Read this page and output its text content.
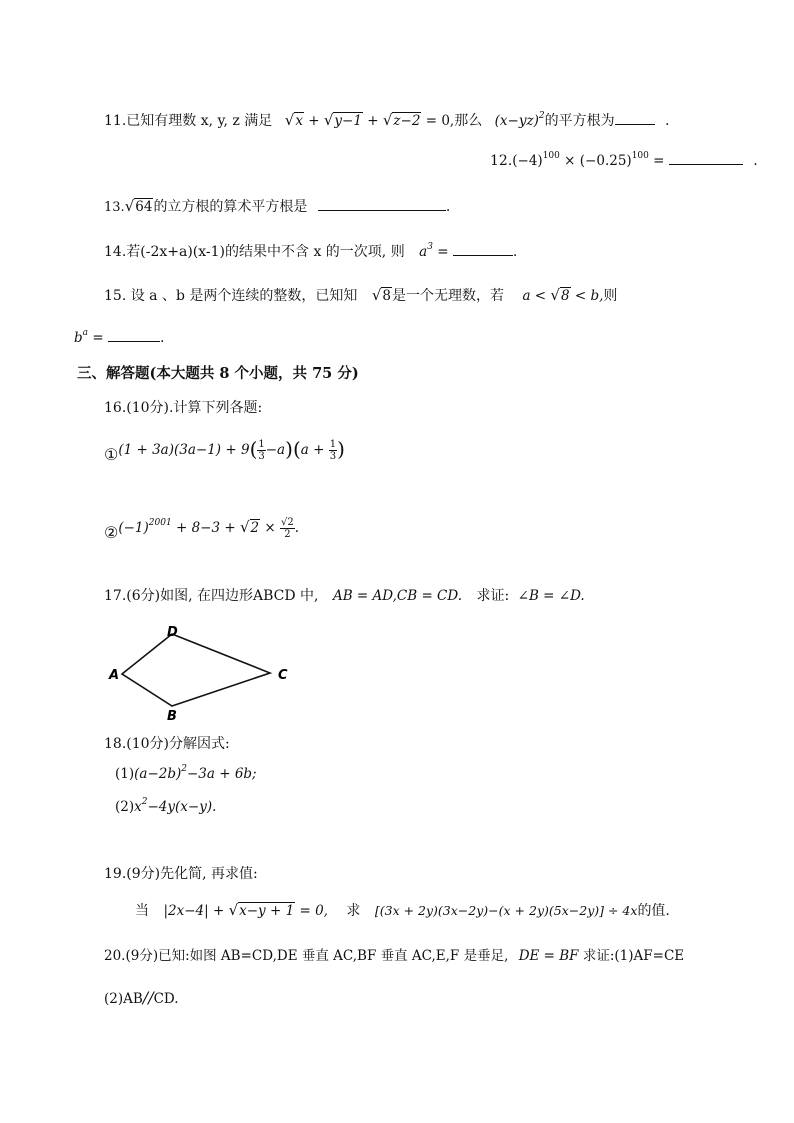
11.已知有理数 x, y, z 满足 √x + √y−1 + √z−2 = 0,那么 $(x-yz)^2$的平方根为	.
$12.(-4)^{100} \times (-0.25)^{100}$ =	.
13.√64的立方根的算术平方根是	.
14.若(-2x+a)(x-1)的结果中不含 x 的一次项, 则 $a^3$ =	.
15. 设 a 、b 是两个连续的整数，已知知 √8是一个无理数，若 a < √8 < b,则
$b^a$ =	.
三、解答题(本大题共 8 个小题，共 75 分)
16.(10分).计算下列各题:
①(1 + $3a)(3a-1) + 9( \frac{1}{3} -a)(a + \frac{1}{3}$ )
$②(-1)^{2001} + 8-3 + √2 \times \frac{√2}{2}$ .
17.(6分)如图, 在四边形ABCD 中, AB = AD,CB = CD. 求证: ∠B = ∠D.
D
A	C
B
18.(10分)分解因式:
$(1)(a-2b)^2-3a + 6b$;
$(2)x^2-4y(x-y)$.
19.(9分)先化简, 再求值:
当 |2x−4| + √x−y + 1 = 0, 求 [(3x + 2y)(3x−2y)−(x + 2y)(5x−2y)] ÷ 4x的值.
20.(9分)已知:如图 AB=CD,DE 垂直 AC,BF 垂直 AC,E,F 是垂足, DE = BF 求证:(1)AF=CE
(2)AB//CD.
